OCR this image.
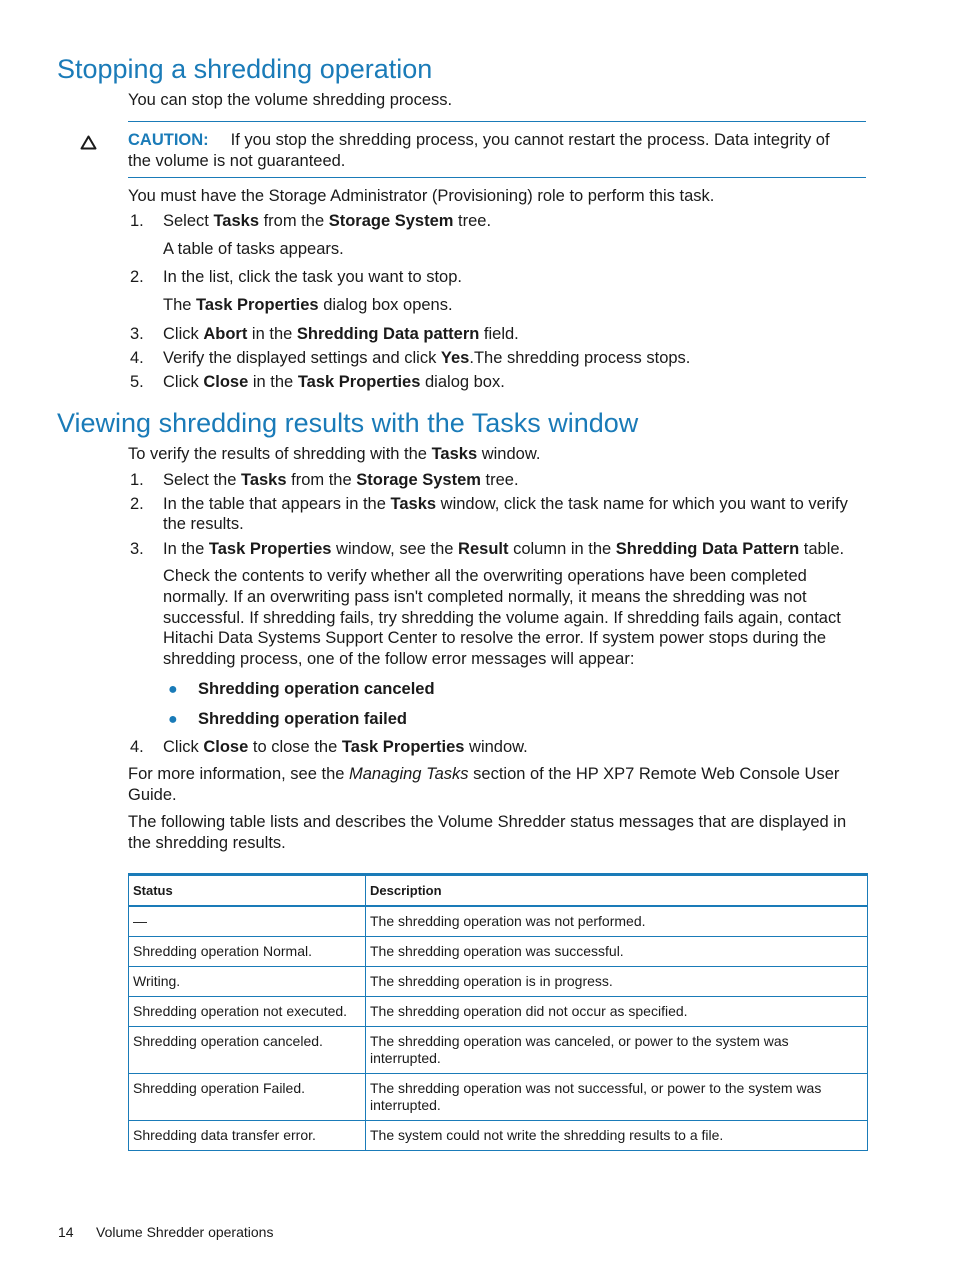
Stopping a shredding operation

You can stop the volume shredding process.

CAUTION: If you stop the shredding process, you cannot restart the process. Data integrity of

the volume is not guaranteed.

You must have the Storage Administrator (Provisioning) role to perform this task.

1.	Select Tasks from the Storage System tree.

A table of tasks appears.

2.	In the list, click the task you want to stop.

The Task Properties dialog box opens.

3.	Click Abort in the Shredding Data pattern field.

4.	Verify the displayed settings and click Yes.The shredding process stops.

5.	Click Close in the Task Properties dialog box.

Viewing shredding results with the Tasks window

To verify the results of shredding with the Tasks window.

1.	Select the Tasks from the Storage System tree.

2.	In the table that appears in the Tasks window, click the task name for which you want to verify

the results.

3.	In the Task Properties window, see the Result column in the Shredding Data Pattern table.

Check the contents to verify whether all the overwriting operations have been completed

normally. If an overwriting pass isn't completed normally, it means the shredding was not

successful. If shredding fails, try shredding the volume again. If shredding fails again, contact

Hitachi Data Systems Support Center to resolve the error. If system power stops during the

shredding process, one of the follow error messages will appear:

● Shredding operation canceled

● Shredding operation failed

4.	Click Close to close the Task Properties window.

For more information, see the Managing Tasks section of the HP XP7 Remote Web Console User

Guide.

The following table lists and describes the Volume Shredder status messages that are displayed in

the shredding results.

Status	Description
—	The shredding operation was not performed.
Shredding operation Normal.	The shredding operation was successful.
Writing.	The shredding operation is in progress.
Shredding operation not executed.	The shredding operation did not occur as specified.
Shredding operation canceled.	The shredding operation was canceled, or power to the system was interrupted.
Shredding operation Failed.	The shredding operation was not successful, or power to the system was interrupted.
Shredding data transfer error.	The system could not write the shredding results to a file.
14 Volume Shredder operations
